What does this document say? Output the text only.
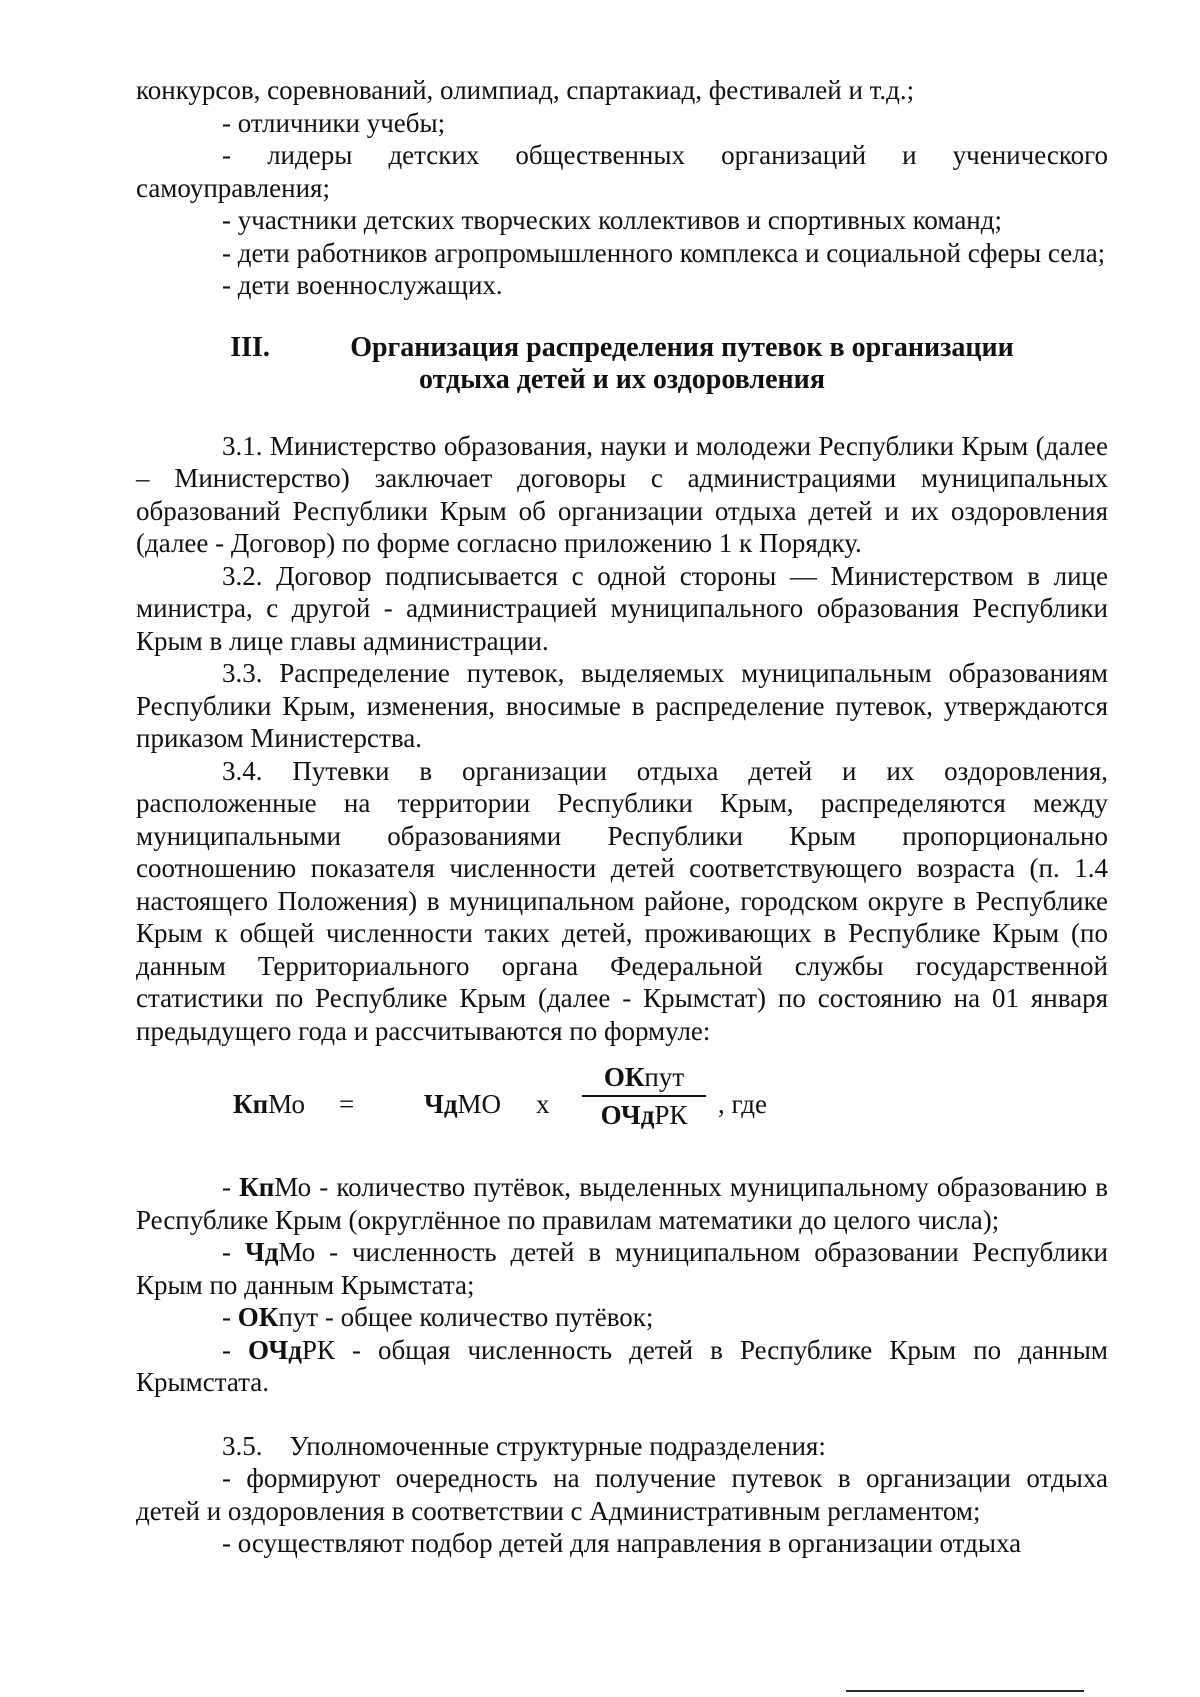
конкурсов, соревнований, олимпиад, спартакиад, фестивалей и т.д.;

- отличники учебы;

- лидеры детских общественных организаций и ученического самоуправления;

- участники детских творческих коллективов и спортивных команд;

- дети работников агропромышленного комплекса и социальной сферы села;

- дети военнослужащих.

III.	Организация распределения путевок в организации
отдыха детей и их оздоровления

3.1. Министерство образования, науки и молодежи Республики Крым (далее – Министерство) заключает договоры с администрациями муниципальных образований Республики Крым об организации отдыха детей и их оздоровления (далее - Договор) по форме согласно приложению 1 к Порядку.

3.2. Договор подписывается с одной стороны — Министерством в лице министра, с другой - администрацией муниципального образования Республики Крым в лице главы администрации.

3.3. Распределение путевок, выделяемых муниципальным образованиям Республики Крым, изменения, вносимые в распределение путевок, утверждаются приказом Министерства.

3.4. Путевки в организации отдыха детей и их оздоровления, расположенные на территории Республики Крым, распределяются между муниципальными образованиями Республики Крым пропорционально соотношению показателя численности детей соответствующего возраста (п. 1.4 настоящего Положения) в муниципальном районе, городском округе в Республике Крым к общей численности таких детей, проживающих в Республике Крым (по данным Территориального органа Федеральной службы государственной статистики по Республике Крым (далее - Крымстат) по состоянию на 01 января предыдущего года и рассчитываются по формуле:

КпМо =	ЧдМО х
ОКпут
ОЧдРК	, где

- КпМо - количество путёвок, выделенных муниципальному образованию в Республике Крым (округлённое по правилам математики до целого числа);

- ЧдМо - численность детей в муниципальном образовании Республики Крым по данным Крымстата;

- ОКпут - общее количество путёвок;

- ОЧдРК - общая численность детей в Республике Крым по данным Крымстата.

3.5.    Уполномоченные структурные подразделения:

- формируют очередность на получение путевок в организации отдыха детей и оздоровления в соответствии с Административным регламентом;

- осуществляют подбор детей для направления в организации отдыха
